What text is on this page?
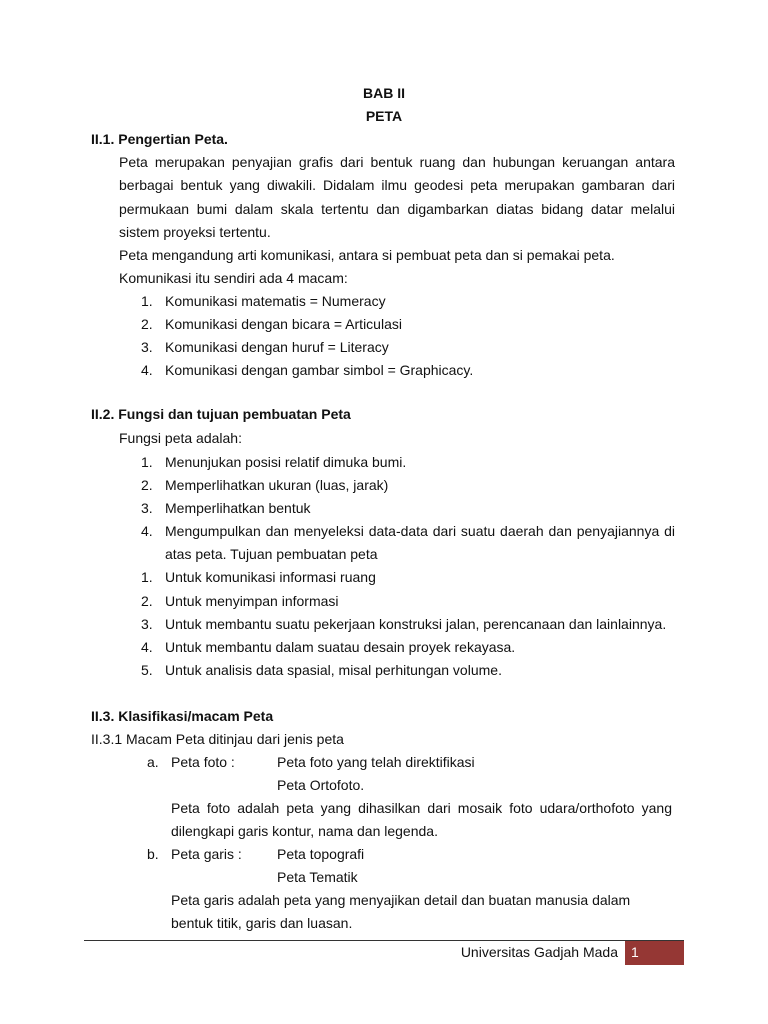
BAB II
PETA
II.1. Pengertian Peta.
Peta merupakan penyajian grafis dari bentuk ruang dan hubungan keruangan antara
berbagai bentuk yang diwakili. Didalam ilmu geodesi peta merupakan gambaran dari
permukaan bumi dalam skala tertentu dan digambarkan diatas bidang datar melalui
sistem proyeksi tertentu.
Peta mengandung arti komunikasi, antara si pembuat peta dan si pemakai peta.
Komunikasi itu sendiri ada 4 macam:
1. Komunikasi matematis = Numeracy
2. Komunikasi dengan bicara = Articulasi
3. Komunikasi dengan huruf = Literacy
4. Komunikasi dengan gambar simbol = Graphicacy.
II.2. Fungsi dan tujuan pembuatan Peta
Fungsi peta adalah:
1. Menunjukan posisi relatif dimuka bumi.
2. Memperlihatkan ukuran (luas, jarak)
3. Memperlihatkan bentuk
4. Mengumpulkan dan menyeleksi data-data dari suatu daerah dan penyajiannya di
atas peta. Tujuan pembuatan peta
1. Untuk komunikasi informasi ruang
2. Untuk menyimpan informasi
3. Untuk membantu suatu pekerjaan konstruksi jalan, perencanaan dan lainlainnya.
4. Untuk membantu dalam suatau desain proyek rekayasa.
5. Untuk analisis data spasial, misal perhitungan volume.
II.3. Klasifikasi/macam Peta
II.3.1 Macam Peta ditinjau dari jenis peta
a. Peta foto :	Peta foto yang telah direktifikasi
Peta Ortofoto.
Peta foto adalah peta yang dihasilkan dari mosaik foto udara/orthofoto yang
dilengkapi garis kontur, nama dan legenda.
b. Peta garis :	Peta topografi
Peta Tematik
Peta garis adalah peta yang menyajikan detail dan buatan manusia dalam
bentuk titik, garis dan luasan.
Universitas Gadjah Mada 1
